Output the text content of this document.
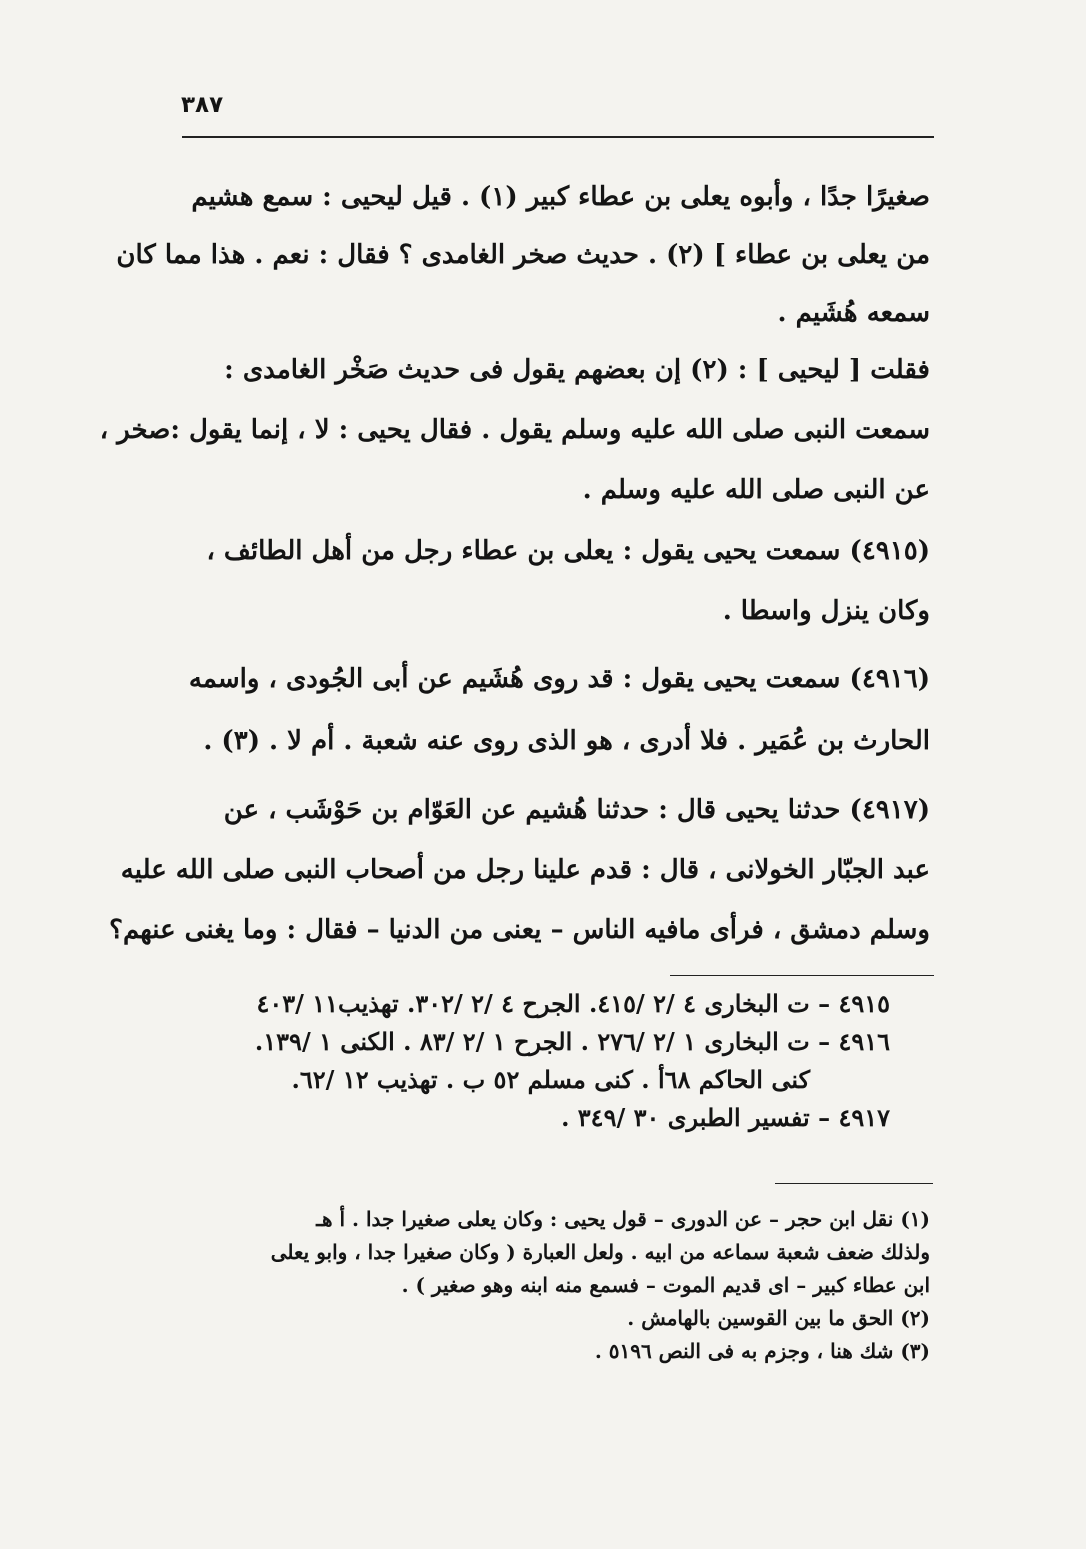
٣٨٧
صغيرًا جدًا ، وأبوه يعلى بن عطاء كبير (١) . قيل ليحيى : سمع هشيم
من يعلى بن عطاء ] (٢) . حديث صخر الغامدى ؟ فقال : نعم . هذا مما كان
سمعه هُشَيم .
فقلت [ ليحيى ] : (٢) إن بعضهم يقول فى حديث صَخْر الغامدى :
سمعت النبى صلى الله عليه وسلم يقول . فقال يحيى : لا ، إنما يقول :صخر ،
عن النبى صلى الله عليه وسلم .
(٤٩١٥) سمعت يحيى يقول : يعلى بن عطاء رجل من أهل الطائف ،
وكان ينزل واسطا .
(٤٩١٦) سمعت يحيى يقول : قد روى هُشَيم عن أبى الجُودى ، واسمه
الحارث بن عُمَير . فلا أدرى ، هو الذى روى عنه شعبة . أم لا . (٣) .
(٤٩١٧) حدثنا يحيى قال : حدثنا هُشيم عن العَوّام بن حَوْشَب ، عن
عبد الجبّار الخولانى ، قال : قدم علينا رجل من أصحاب النبى صلى الله عليه
وسلم دمشق ، فرأى مافيه الناس – يعنى من الدنيا – فقال : وما يغنى عنهم؟
٤٩١٥ – ت البخارى ٤ /٢ /٤١٥. الجرح ٤ /٢ /٣٠٢. تهذيب١١ /٤٠٣
٤٩١٦ – ت البخارى ١ /٢ /٢٧٦ . الجرح ١ /٢ /٨٣ . الكنى ١ /١٣٩.
كنى الحاكم ٦٨أ . كنى مسلم ٥٢ ب . تهذيب ١٢ /٦٢.
٤٩١٧ – تفسير الطبرى ٣٠ /٣٤٩ .
(١) نقل ابن حجر – عن الدورى – قول يحيى : وكان يعلى صغيرا جدا . أ هـ
ولذلك ضعف شعبة سماعه من ابيه . ولعل العبارة ( وكان صغيرا جدا ، وابو يعلى
ابن عطاء كبير – اى قديم الموت – فسمع منه ابنه وهو صغير ) .
(٢) الحق ما بين القوسين بالهامش .
(٣) شك هنا ، وجزم به فى النص ٥١٩٦ .
